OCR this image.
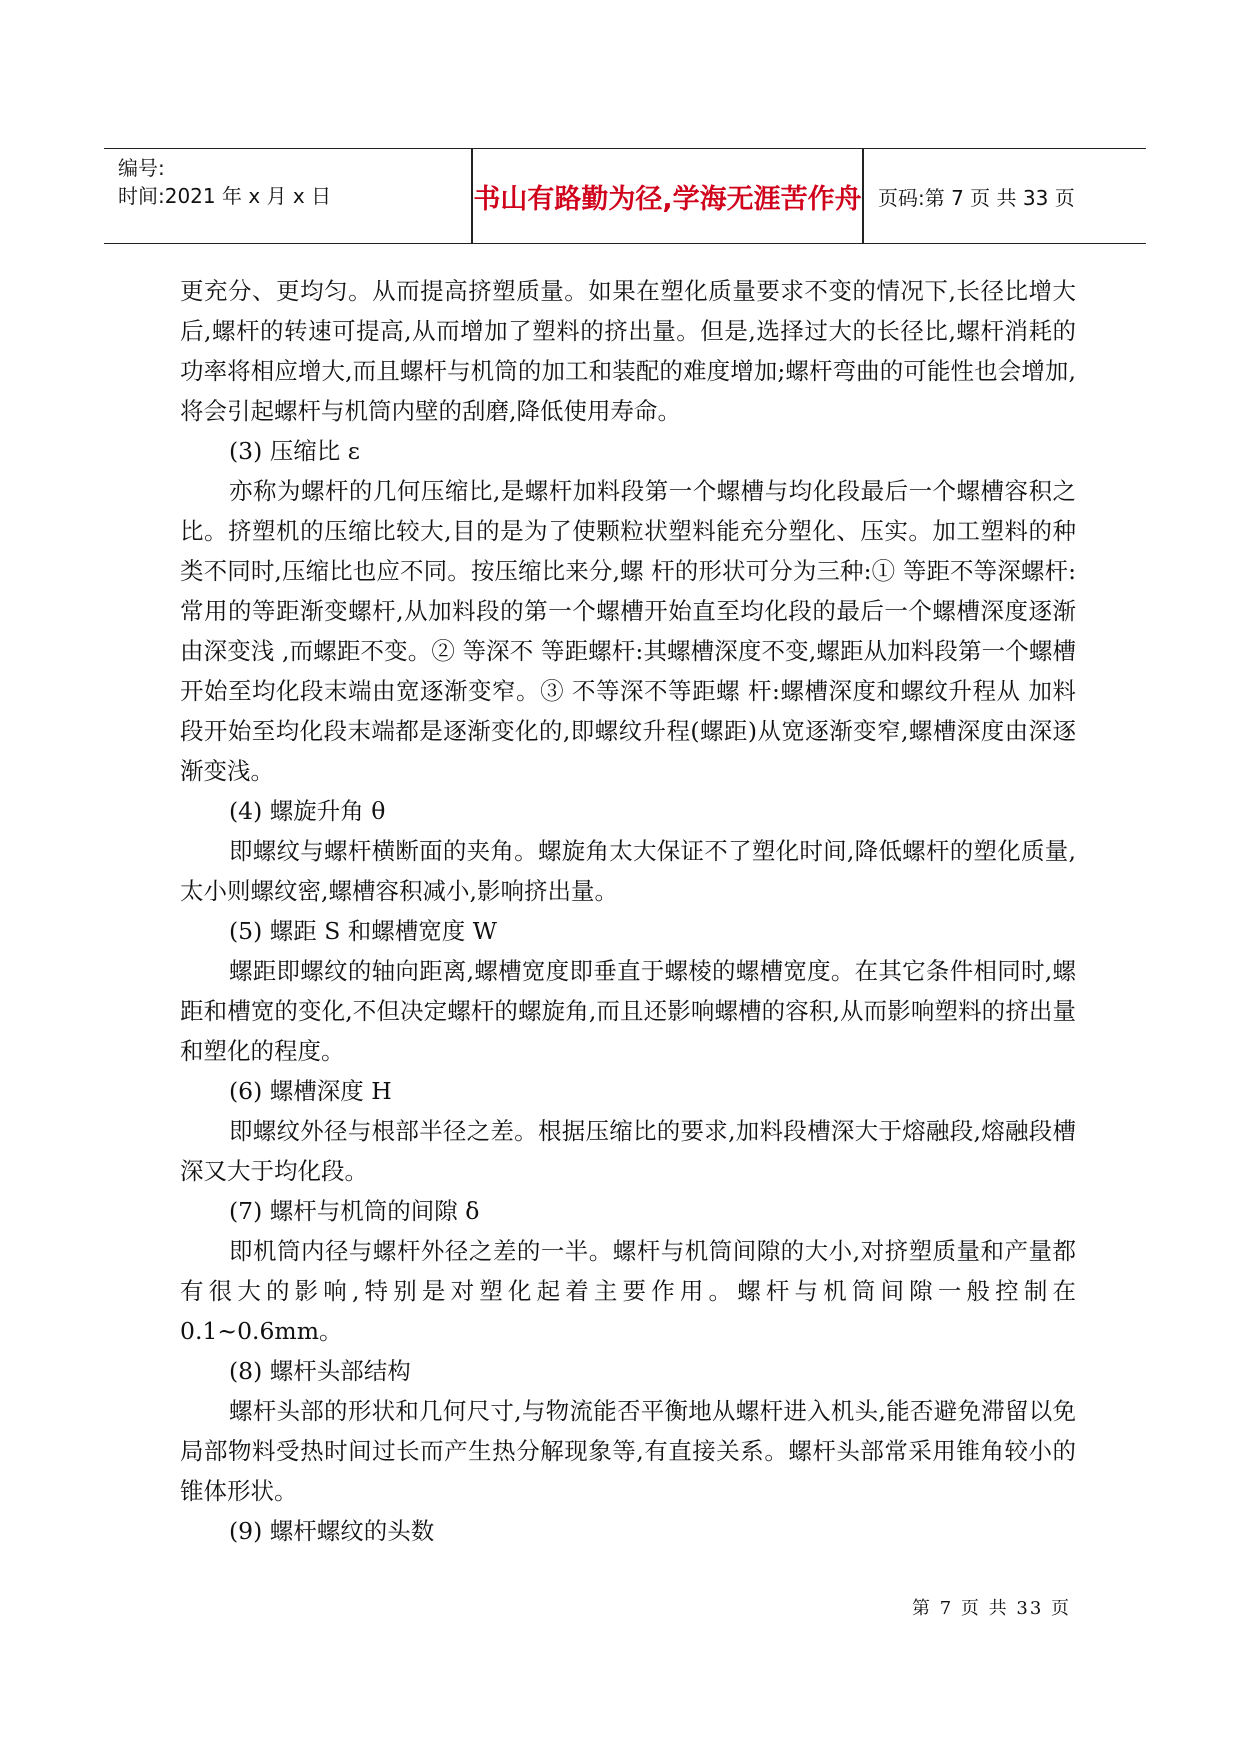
编号:
时间:2021 年 x 月 x 日	书山有路勤为径,学海无涯苦作舟 页码:第 7 页 共 33 页

更充分、更均匀。从而提高挤塑质量。如果在塑化质量要求不变的情况下,长径比增大后,螺杆的转速可提高,从而增加了塑料的挤出量。但是,选择过大的长径比,螺杆消耗的功率将相应增大,而且螺杆与机筒的加工和装配的难度增加;螺杆弯曲的可能性也会增加,将会引起螺杆与机筒内壁的刮磨,降低使用寿命。

(3) 压缩比 ε

亦称为螺杆的几何压缩比,是螺杆加料段第一个螺槽与均化段最后一个螺槽容积之比。挤塑机的压缩比较大,目的是为了使颗粒状塑料能充分塑化、压实。加工塑料的种类不同时,压缩比也应不同。按压缩比来分,螺 杆的形状可分为三种:① 等距不等深螺杆:常用的等距渐变螺杆,从加料段的第一个螺槽开始直至均化段的最后一个螺槽深度逐渐由深变浅 ,而螺距不变。② 等深不 等距螺杆:其螺槽深度不变,螺距从加料段第一个螺槽开始至均化段末端由宽逐渐变窄。③ 不等深不等距螺 杆:螺槽深度和螺纹升程从 加料段开始至均化段末端都是逐渐变化的,即螺纹升程(螺距)从宽逐渐变窄,螺槽深度由深逐渐变浅。

(4) 螺旋升角 θ

即螺纹与螺杆横断面的夹角。螺旋角太大保证不了塑化时间,降低螺杆的塑化质量,太小则螺纹密,螺槽容积减小,影响挤出量。

(5) 螺距 S 和螺槽宽度 W

螺距即螺纹的轴向距离,螺槽宽度即垂直于螺棱的螺槽宽度。在其它条件相同时,螺距和槽宽的变化,不但决定螺杆的螺旋角,而且还影响螺槽的容积,从而影响塑料的挤出量和塑化的程度。

(6) 螺槽深度 H

即螺纹外径与根部半径之差。根据压缩比的要求,加料段槽深大于熔融段,熔融段槽深又大于均化段。

(7) 螺杆与机筒的间隙 δ

即机筒内径与螺杆外径之差的一半。螺杆与机筒间隙的大小,对挤塑质量和产量都有很大的影响,特别是对塑化起着主要作用。螺杆与机筒间隙一般控制在 0.1~0.6mm。

(8) 螺杆头部结构

螺杆头部的形状和几何尺寸,与物流能否平衡地从螺杆进入机头,能否避免滞留以免局部物料受热时间过长而产生热分解现象等,有直接关系。螺杆头部常采用锥角较小的锥体形状。

(9) 螺杆螺纹的头数

第 7 页 共 33 页
